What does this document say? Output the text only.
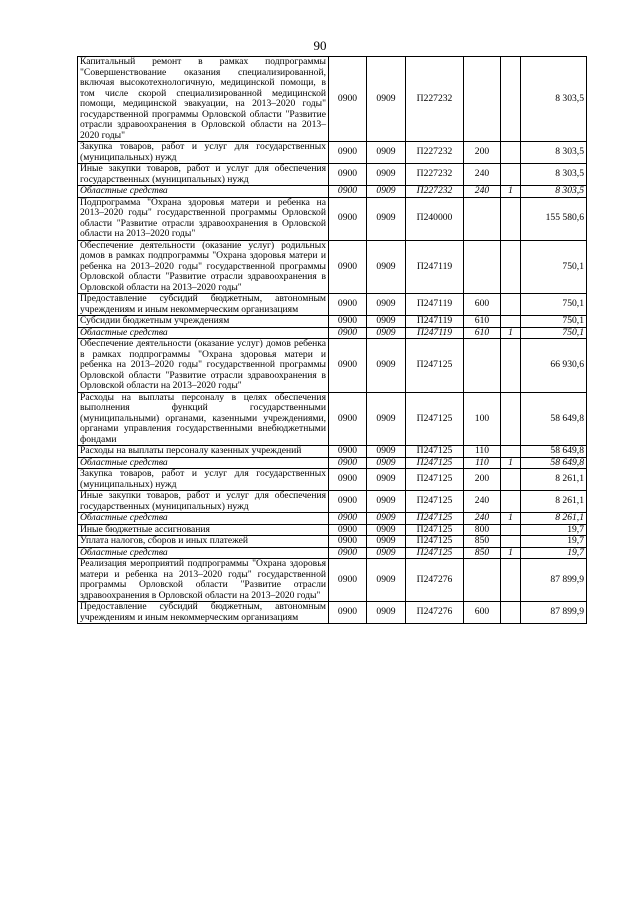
90
Капитальный ремонт в рамках подпрограммы "Совершенствование оказания специализированной, включая высокотехнологичную, медицинской помощи, в том числе скорой специализированной медицинской помощи, медицинской эвакуации, на 2013–2020 годы" государственной программы Орловской области "Развитие отрасли здравоохранения в Орловской области на 2013–2020 годы"	0900	0909	П227232			8 303,5
Закупка товаров, работ и услуг для государственных (муниципальных) нужд	0900	0909	П227232	200		8 303,5
Иные закупки товаров, работ и услуг для обеспечения государственных (муниципальных) нужд	0900	0909	П227232	240		8 303,5
Областные средства	0900	0909	П227232	240	1	8 303,5
Подпрограмма "Охрана здоровья матери и ребенка на 2013–2020 годы" государственной программы Орловской области "Развитие отрасли здравоохранения в Орловской области на 2013–2020 годы"	0900	0909	П240000			155 580,6
Обеспечение деятельности (оказание услуг) родильных домов в рамках подпрограммы "Охрана здоровья матери и ребенка на 2013–2020 годы" государственной программы Орловской области "Развитие отрасли здравоохранения в Орловской области на 2013–2020 годы"	0900	0909	П247119			750,1
Предоставление субсидий бюджетным, автономным учреждениям и иным некоммерческим организациям	0900	0909	П247119	600		750,1
Субсидии бюджетным учреждениям	0900	0909	П247119	610		750,1
Областные средства	0900	0909	П247119	610	1	750,1
Обеспечение деятельности (оказание услуг) домов ребенка в рамках подпрограммы "Охрана здоровья матери и ребенка на 2013–2020 годы" государственной программы Орловской области "Развитие отрасли здравоохранения в Орловской области на 2013–2020 годы"	0900	0909	П247125			66 930,6
Расходы на выплаты персоналу в целях обеспечения выполнения функций государственными (муниципальными) органами, казенными учреждениями, органами управления государственными внебюджетными фондами	0900	0909	П247125	100		58 649,8
Расходы на выплаты персоналу казенных учреждений	0900	0909	П247125	110		58 649,8
Областные средства	0900	0909	П247125	110	1	58 649,8
Закупка товаров, работ и услуг для государственных (муниципальных) нужд	0900	0909	П247125	200		8 261,1
Иные закупки товаров, работ и услуг для обеспечения государственных (муниципальных) нужд	0900	0909	П247125	240		8 261,1
Областные средства	0900	0909	П247125	240	1	8 261,1
Иные бюджетные ассигнования	0900	0909	П247125	800		19,7
Уплата налогов, сборов и иных платежей	0900	0909	П247125	850		19,7
Областные средства	0900	0909	П247125	850	1	19,7
Реализация мероприятий подпрограммы "Охрана здоровья матери и ребенка на 2013–2020 годы" государственной программы Орловской области "Развитие отрасли здравоохранения в Орловской области на 2013–2020 годы"	0900	0909	П247276			87 899,9
Предоставление субсидий бюджетным, автономным учреждениям и иным некоммерческим организациям	0900	0909	П247276	600		87 899,9
